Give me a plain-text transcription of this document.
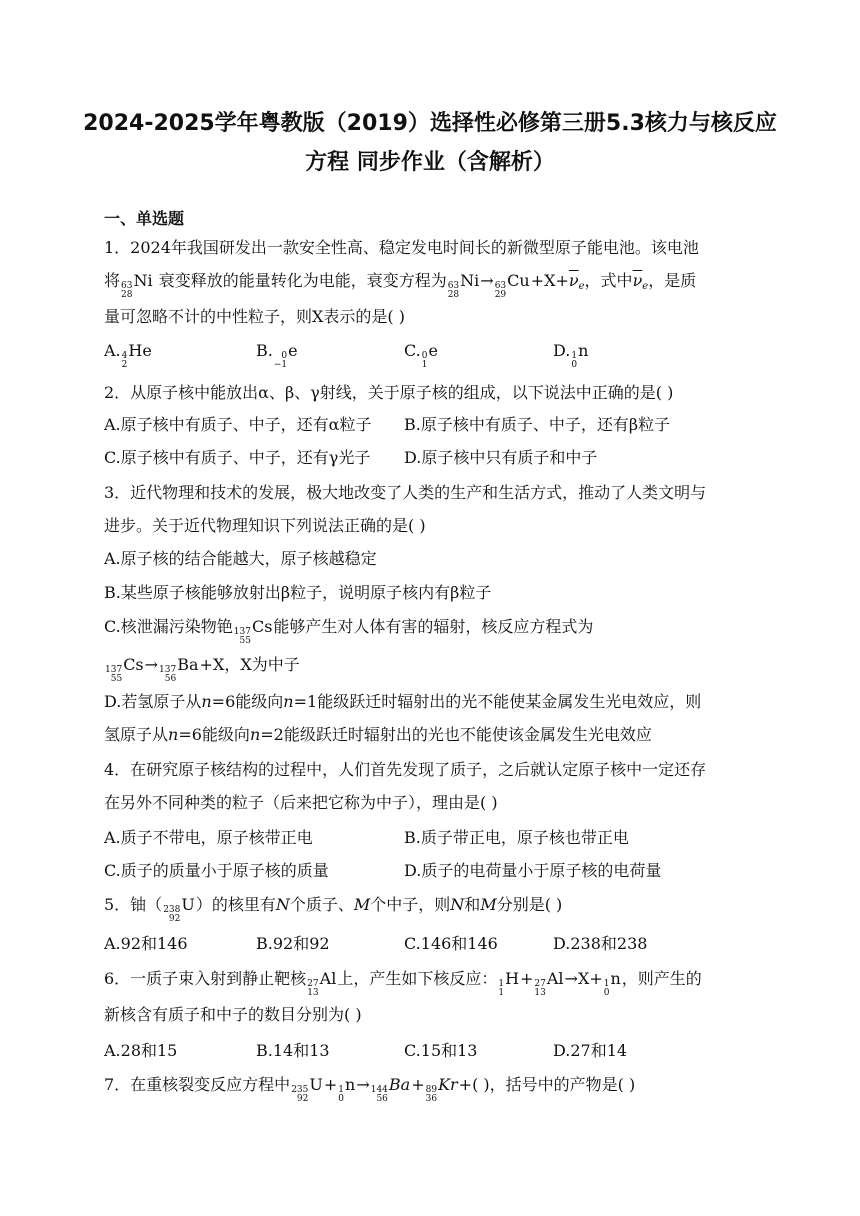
2024-2025学年粤教版（2019）选择性必修第三册5.3核力与核反应
方程 同步作业（含解析）
一、单选题
1．2024年我国研发出一款安全性高、稳定发电时间长的新微型原子能电池。该电池
将 63
28
Ni 衰变释放的能量转化为电能，衰变方程为 63
28
Ni→ 63
29
$Cu+X+\overline{\nu}_e$，式中$\overline{\nu}_e$，是质
量可忽略不计的中性粒子，则X表示的是( )
A. 4
2
He	B. 0
−1
e	C. 0
1
e	D. 1
0
n
2．从原子核中能放出α、β、γ射线，关于原子核的组成，以下说法中正确的是( )
A.原子核中有质子、中子，还有α粒子 B.原子核中有质子、中子，还有β粒子
C.原子核中有质子、中子，还有γ光子 D.原子核中只有质子和中子
3．近代物理和技术的发展，极大地改变了人类的生产和生活方式，推动了人类文明与
进步。关于近代物理知识下列说法正确的是( )
A.原子核的结合能越大，原子核越稳定
B.某些原子核能够放射出β粒子，说明原子核内有β粒子
C.核泄漏污染物铯 137
55
Cs能够产生对人体有害的辐射，核反应方程式为
137
55
Cs→ 137
56
Ba+X，X为中子
D.若氢原子从n=6能级向n=1能级跃迁时辐射出的光不能使某金属发生光电效应，则
氢原子从n=6能级向n=2能级跃迁时辐射出的光也不能使该金属发生光电效应
4．在研究原子核结构的过程中，人们首先发现了质子，之后就认定原子核中一定还存
在另外不同种类的粒子（后来把它称为中子），理由是( )
A.质子不带电，原子核带正电	B.质子带正电，原子核也带正电
C.质子的质量小于原子核的质量	D.质子的电荷量小于原子核的电荷量
5．铀（ 238
92
U）的核里有N个质子、M个中子，则N和M分别是( )
A.92和146	B.92和92	C.146和146	D.238和238
6．一质子束入射到静止靶核 27
13
Al上，产生如下核反应： 1
1
H+ 27
13
Al→X+ 1
0
n，则产生的
新核含有质子和中子的数目分别为( )
A.28和15	B.14和13	C.15和13	D.27和14
7．在重核裂变反应方程中 235
92
U+ 1
0
n→ 144
56
Ba+ 89
36
Kr+( )，括号中的产物是( )
